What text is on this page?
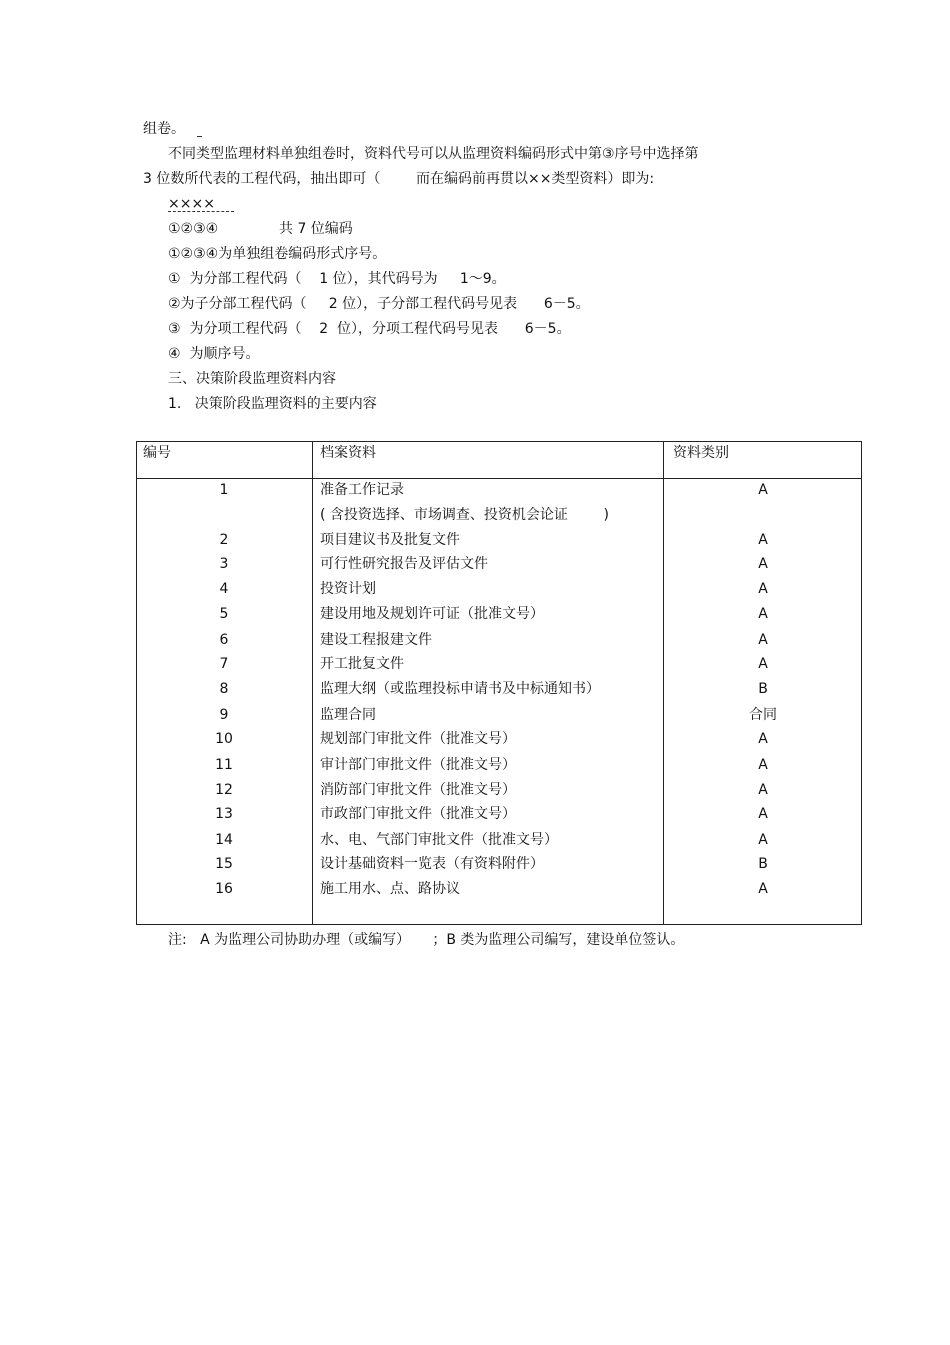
组卷。
不同类型监理材料单独组卷时，资料代号可以从监理资料编码形式中第③序号中选择第
3 位数所代表的工程代码，抽出即可（        而在编码前再贯以××类型资料）即为:
××××
①②③④	共 7 位编码
①②③④为单独组卷编码形式序号。
①  为分部工程代码（    1 位），其代码号为     1～9。
②为子分部工程代码（     2 位），子分部工程代码号见表      6－5。
③  为分项工程代码（    2  位），分项工程代码号见表      6－5。
④  为顺序号。
三、决策阶段监理资料内容
1.   决策阶段监理资料的主要内容
编号	档案资料	资料类别
1	准备工作记录	A
( 含投资选择、市场调查、投资机会论证        )
2	项目建议书及批复文件	A
3	可行性研究报告及评估文件	A
4	投资计划	A
5	建设用地及规划许可证（批准文号）	A
6	建设工程报建文件	A
7	开工批复文件	A
8	监理大纲（或监理投标申请书及中标通知书）	B
9	监理合同	合同
10	规划部门审批文件（批准文号）	A
11	审计部门审批文件（批准文号）	A
12	消防部门审批文件（批准文号）	A
13	市政部门审批文件（批准文号）	A
14	水、电、气部门审批文件（批准文号）	A
15	设计基础资料一览表（有资料附件）	B
16	施工用水、点、路协议	A
注:   A 为监理公司协助办理（或编写）     ；B 类为监理公司编写，建设单位签认。
